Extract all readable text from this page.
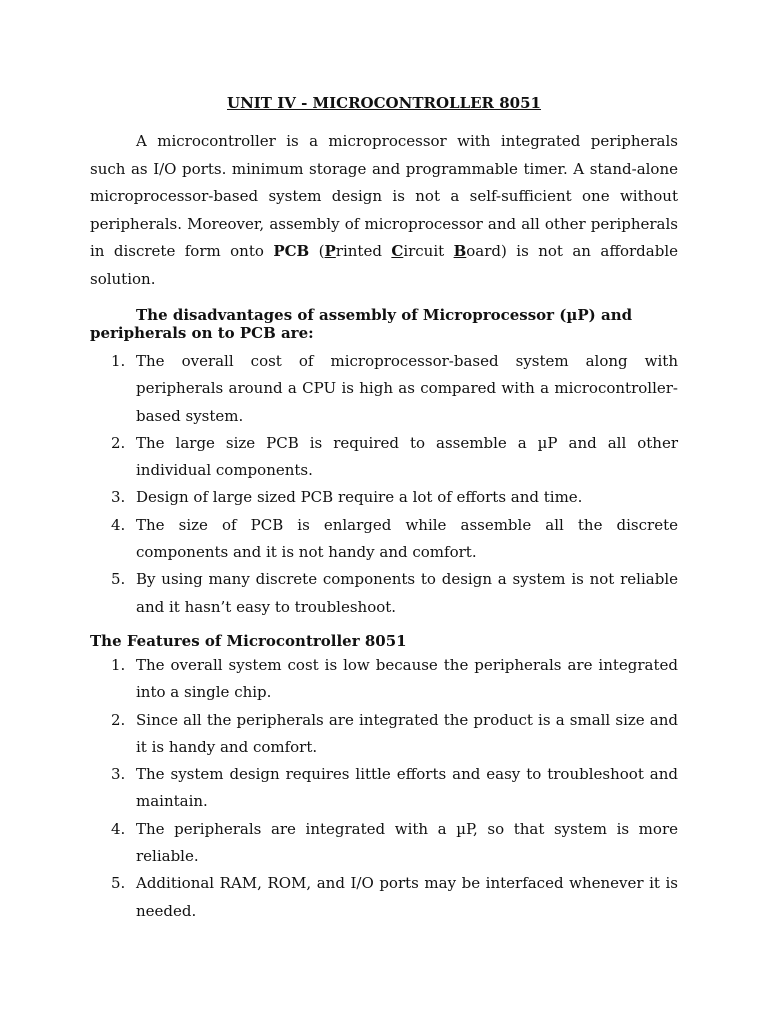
UNIT IV - MICROCONTROLLER 8051

A microcontroller is a microprocessor with integrated peripherals such as I/O ports. minimum storage and programmable timer. A stand-alone microprocessor-based system design is not a self-sufficient one without peripherals. Moreover, assembly of microprocessor and all other peripherals in discrete form onto PCB (Printed Circuit Board) is not an affordable solution.

The disadvantages of assembly of Microprocessor (µP) and peripherals on to PCB are:
1. The overall cost of microprocessor-based system along with peripherals around a CPU is high as compared with a microcontroller-based system.
2. The large size PCB is required to assemble a µP and all other individual components.
3. Design of large sized PCB require a lot of efforts and time.
4. The size of PCB is enlarged while assemble all the discrete components and it is not handy and comfort.
5. By using many discrete components to design a system is not reliable and it hasn’t easy to troubleshoot.
The Features of Microcontroller 8051
1. The overall system cost is low because the peripherals are integrated into a single chip.
2. Since all the peripherals are integrated the product is a small size and it is handy and comfort.
3. The system design requires little efforts and easy to troubleshoot and maintain.
4. The peripherals are integrated with a µP, so that system is more reliable.
5. Additional RAM, ROM, and I/O ports may be interfaced whenever it is needed.
